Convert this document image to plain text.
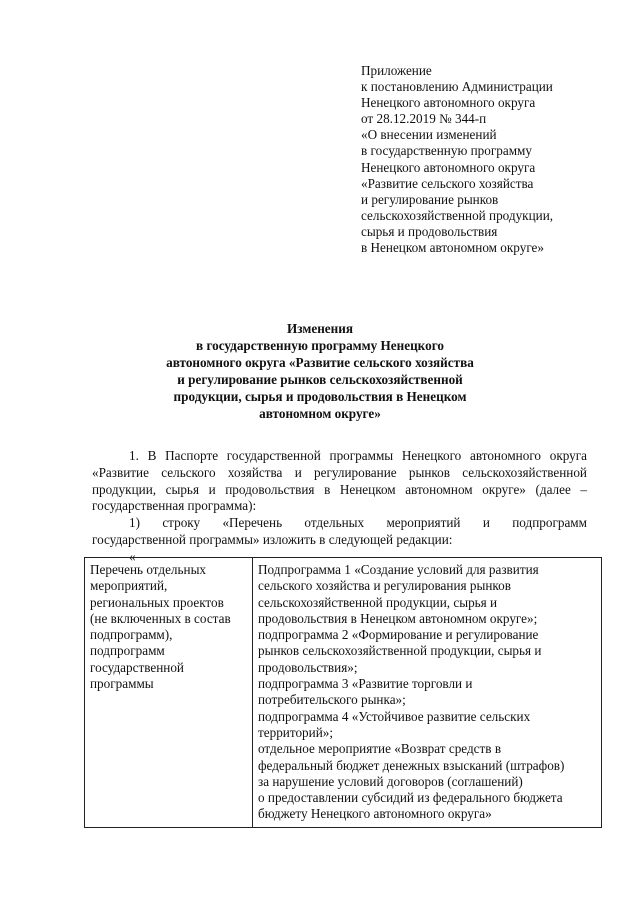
Приложение
к постановлению Администрации
Ненецкого автономного округа
от 28.12.2019 № 344-п
«О внесении изменений
в государственную программу
Ненецкого автономного округа
«Развитие сельского хозяйства
и регулирование рынков
сельскохозяйственной продукции,
сырья и продовольствия
в Ненецком автономном округе»
Изменения
в государственную программу Ненецкого
автономного округа «Развитие сельского хозяйства
и регулирование рынков сельскохозяйственной
продукции, сырья и продовольствия в Ненецком
автономном округе»
1. В Паспорте государственной программы Ненецкого автономного округа
«Развитие сельского хозяйства и регулирование рынков сельскохозяйственной
продукции, сырья и продовольствия в Ненецком автономном округе» (далее –
государственная программа):
1) строку «Перечень отдельных мероприятий и подпрограмм
государственной программы» изложить в следующей редакции:
«
Перечень отдельных
мероприятий,
региональных проектов
(не включенных в состав
подпрограмм),
подпрограмм
государственной
программы

Подпрограмма 1 «Создание условий для развития
сельского хозяйства и регулирования рынков
сельскохозяйственной продукции, сырья и
продовольствия в Ненецком автономном округе»;
подпрограмма 2 «Формирование и регулирование
рынков сельскохозяйственной продукции, сырья и
продовольствия»;
подпрограмма 3 «Развитие торговли и
потребительского рынка»;
подпрограмма 4 «Устойчивое развитие сельских
территорий»;
отдельное мероприятие «Возврат средств в
федеральный бюджет денежных взысканий (штрафов)
за нарушение условий договоров (соглашений)
о предоставлении субсидий из федерального бюджета
бюджету Ненецкого автономного округа»
